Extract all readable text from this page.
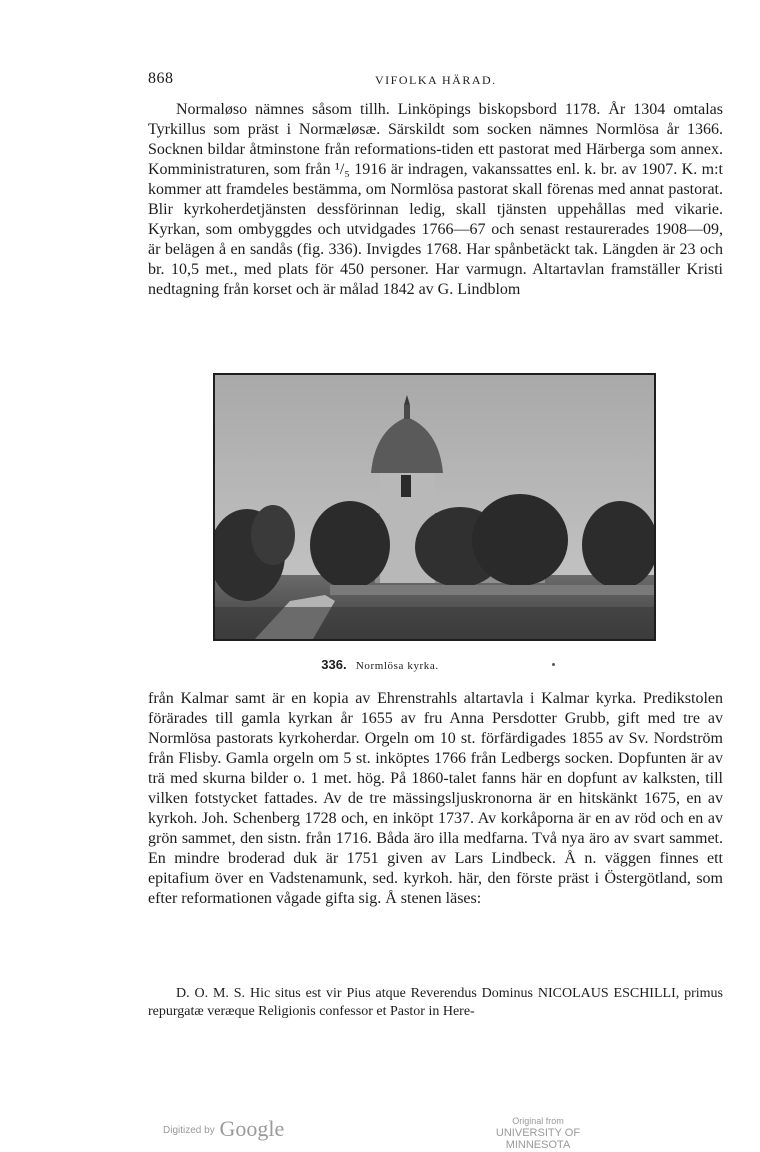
868	VIFOLKA HÄRAD.

Normaløso nämnes såsom tillh. Linköpings biskopsbord 1178. År 1304 omtalas Tyrkillus som präst i Normæløsæ. Särskildt som socken nämnes Normlösa år 1366. Socknen bildar åtminstone från reformations-tiden ett pastorat med Härberga som annex. Komministraturen, som från ¹/₅ 1916 är indragen, vakanssattes enl. k. br. av 1907. K. m:t kommer att framdeles bestämma, om Normlösa pastorat skall förenas med annat pastorat. Blir kyrkoherdetjänsten dessförinnan ledig, skall tjänsten uppehållas med vikarie. Kyrkan, som ombyggdes och utvidgades 1766—67 och senast restaurerades 1908—09, är belägen å en sandås (fig. 336). Invigdes 1768. Har spånbetäckt tak. Längden är 23 och br. 10,5 met., med plats för 450 personer. Har varmugn. Altartavlan framställer Kristi nedtagning från korset och är målad 1842 av G. Lindblom

336. Normlösa kyrka.

från Kalmar samt är en kopia av Ehrenstrahls altartavla i Kalmar kyrka. Predikstolen förärades till gamla kyrkan år 1655 av fru Anna Persdotter Grubb, gift med tre av Normlösa pastorats kyrkoherdar. Orgeln om 10 st. förfärdigades 1855 av Sv. Nordström från Flisby. Gamla orgeln om 5 st. inköptes 1766 från Ledbergs socken. Dopfunten är av trä med skurna bilder o. 1 met. hög. På 1860-talet fanns här en dopfunt av kalksten, till vilken fotstycket fattades. Av de tre mässingsljuskronorna är en hitskänkt 1675, en av kyrkoh. Joh. Schenberg 1728 och, en inköpt 1737. Av korkåporna är en av röd och en av grön sammet, den sistn. från 1716. Båda äro illa medfarna. Två nya äro av svart sammet. En mindre broderad duk är 1751 given av Lars Lindbeck. Å n. väggen finnes ett epitafium över en Vadstenamunk, sed. kyrkoh. här, den förste präst i Östergötland, som efter reformationen vågade gifta sig. Å stenen läses:

D. O. M. S. Hic situs est vir Pius atque Reverendus Dominus NICOLAUS ESCHILLI, primus repurgatæ veræque Religionis confessor et Pastor in Here-

Digitized by Google	Original from
UNIVERSITY OF MINNESOTA
